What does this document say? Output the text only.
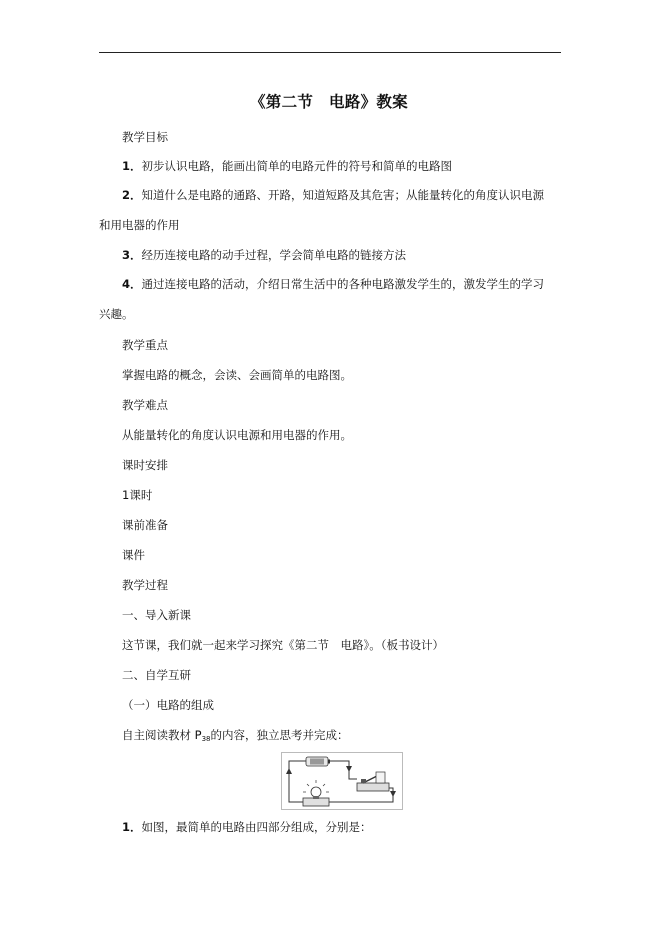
《第二节　电路》教案
教学目标
1．初步认识电路，能画出简单的电路元件的符号和简单的电路图
2．知道什么是电路的通路、开路，知道短路及其危害；从能量转化的角度认识电源
和用电器的作用
3．经历连接电路的动手过程，学会简单电路的链接方法
4．通过连接电路的活动，介绍日常生活中的各种电路激发学生的，激发学生的学习
兴趣。
教学重点
掌握电路的概念，会读、会画简单的电路图。
教学难点
从能量转化的角度认识电源和用电器的作用。
课时安排
1课时
课前准备
课件
教学过程
一、导入新课
这节课，我们就一起来学习探究《第二节　电路》。（板书设计）
二、自学互研
（一）电路的组成
自主阅读教材 $P_{38}$的内容，独立思考并完成：
1．如图，最简单的电路由四部分组成，分别是：
